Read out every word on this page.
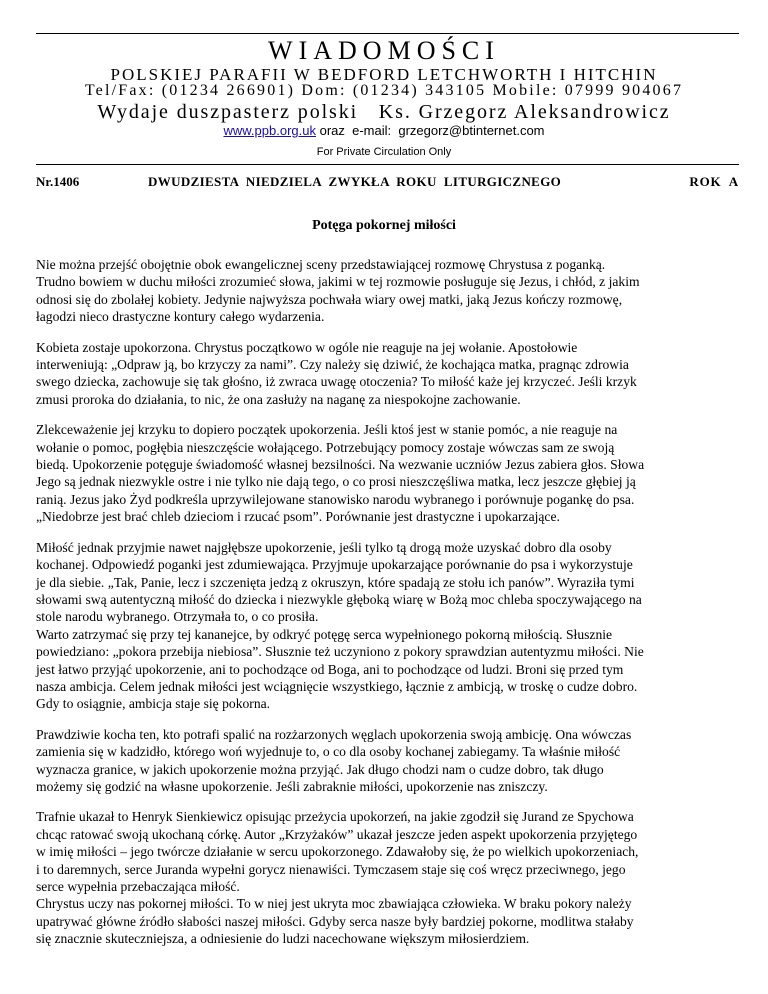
WIADOMOŚCI
POLSKIEJ PARAFII W BEDFORD LETCHWORTH I HITCHIN
Tel/Fax: (01234 266901) Dom: (01234) 343105 Mobile: 07999 904067
Wydaje duszpasterz polski   Ks. Grzegorz Aleksandrowicz
www.ppb.org.uk oraz  e-mail:  grzegorz@btinternet.com
For Private Circulation Only
Nr.1406	DWUDZIESTA  NIEDZIELA  ZWYKŁA  ROKU  LITURGICZNEGO	ROK  A
Potęga pokornej miłości

Nie można przejść obojętnie obok ewangelicznej sceny przedstawiającej rozmowę Chrystusa z poganką.
Trudno bowiem w duchu miłości zrozumieć słowa, jakimi w tej rozmowie posługuje się Jezus, i chłód, z jakim
odnosi się do zbolałej kobiety. Jedynie najwyższa pochwała wiary owej matki, jaką Jezus kończy rozmowę,
łagodzi nieco drastyczne kontury całego wydarzenia.

Kobieta zostaje upokorzona. Chrystus początkowo w ogóle nie reaguje na jej wołanie. Apostołowie
interweniują: „Odpraw ją, bo krzyczy za nami”. Czy należy się dziwić, że kochająca matka, pragnąc zdrowia
swego dziecka, zachowuje się tak głośno, iż zwraca uwagę otoczenia? To miłość każe jej krzyczeć. Jeśli krzyk
zmusi proroka do działania, to nic, że ona zasłuży na naganę za niespokojne zachowanie.

Zlekceważenie jej krzyku to dopiero początek upokorzenia. Jeśli ktoś jest w stanie pomóc, a nie reaguje na
wołanie o pomoc, pogłębia nieszczęście wołającego. Potrzebujący pomocy zostaje wówczas sam ze swoją
biedą. Upokorzenie potęguje świadomość własnej bezsilności. Na wezwanie uczniów Jezus zabiera głos. Słowa
Jego są jednak niezwykle ostre i nie tylko nie dają tego, o co prosi nieszczęśliwa matka, lecz jeszcze głębiej ją
ranią. Jezus jako Żyd podkreśla uprzywilejowane stanowisko narodu wybranego i porównuje pogankę do psa.
„Niedobrze jest brać chleb dzieciom i rzucać psom”. Porównanie jest drastyczne i upokarzające.

Miłość jednak przyjmie nawet najgłębsze upokorzenie, jeśli tylko tą drogą może uzyskać dobro dla osoby
kochanej. Odpowiedź poganki jest zdumiewająca. Przyjmuje upokarzające porównanie do psa i wykorzystuje
je dla siebie. „Tak, Panie, lecz i szczenięta jedzą z okruszyn, które spadają ze stołu ich panów”. Wyraziła tymi
słowami swą autentyczną miłość do dziecka i niezwykle głęboką wiarę w Bożą moc chleba spoczywającego na
stole narodu wybranego. Otrzymała to, o co prosiła.

Warto zatrzymać się przy tej kananejce, by odkryć potęgę serca wypełnionego pokorną miłością. Słusznie
powiedziano: „pokora przebija niebiosa”. Słusznie też uczyniono z pokory sprawdzian autentyzmu miłości. Nie
jest łatwo przyjąć upokorzenie, ani to pochodzące od Boga, ani to pochodzące od ludzi. Broni się przed tym
nasza ambicja. Celem jednak miłości jest wciągnięcie wszystkiego, łącznie z ambicją, w troskę o cudze dobro.
Gdy to osiągnie, ambicja staje się pokorna.

Prawdziwie kocha ten, kto potrafi spalić na rozżarzonych węglach upokorzenia swoją ambicję. Ona wówczas
zamienia się w kadzidło, którego woń wyjednuje to, o co dla osoby kochanej zabiegamy. Ta właśnie miłość
wyznacza granice, w jakich upokorzenie można przyjąć. Jak długo chodzi nam o cudze dobro, tak długo
możemy się godzić na własne upokorzenie. Jeśli zabraknie miłości, upokorzenie nas zniszczy.

Trafnie ukazał to Henryk Sienkiewicz opisując przeżycia upokorzeń, na jakie zgodził się Jurand ze Spychowa
chcąc ratować swoją ukochaną córkę. Autor „Krzyżaków” ukazał jeszcze jeden aspekt upokorzenia przyjętego
w imię miłości – jego twórcze działanie w sercu upokorzonego. Zdawałoby się, że po wielkich upokorzeniach,
i to daremnych, serce Juranda wypełni gorycz nienawiści. Tymczasem staje się coś wręcz przeciwnego, jego
serce wypełnia przebaczająca miłość.

Chrystus uczy nas pokornej miłości. To w niej jest ukryta moc zbawiająca człowieka. W braku pokory należy
upatrywać główne źródło słabości naszej miłości. Gdyby serca nasze były bardziej pokorne, modlitwa stałaby
się znacznie skuteczniejsza, a odniesienie do ludzi nacechowane większym miłosierdziem.
